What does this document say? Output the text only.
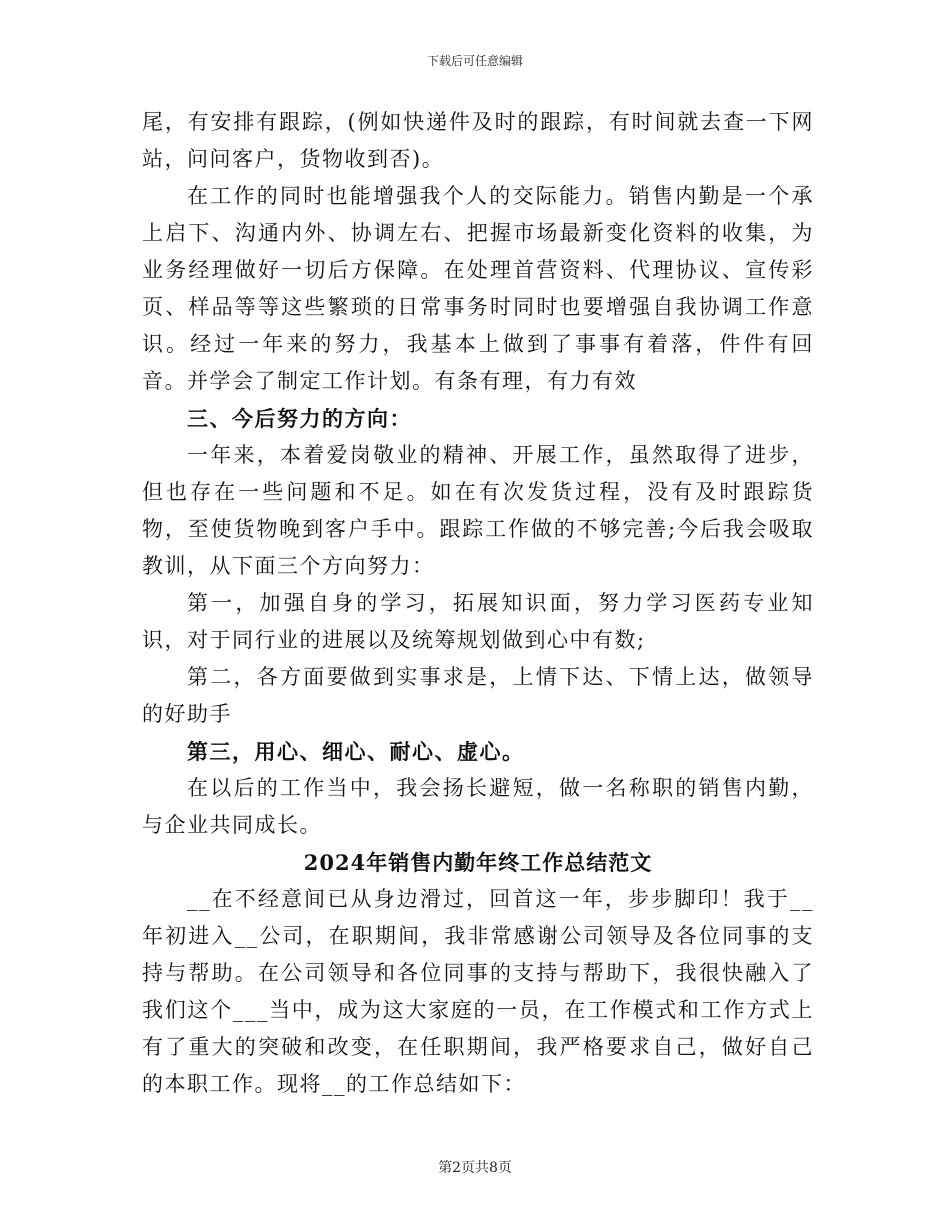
下载后可任意编辑

尾，有安排有跟踪，(例如快递件及时的跟踪，有时间就去查一下网站，问问客户，货物收到否)。

在工作的同时也能增强我个人的交际能力。销售内勤是一个承上启下、沟通内外、协调左右、把握市场最新变化资料的收集，为业务经理做好一切后方保障。在处理首营资料、代理协议、宣传彩页、样品等等这些繁琐的日常事务时同时也要增强自我协调工作意识。经过一年来的努力，我基本上做到了事事有着落，件件有回音。并学会了制定工作计划。有条有理，有力有效

三、今后努力的方向：

一年来，本着爱岗敬业的精神、开展工作，虽然取得了进步，但也存在一些问题和不足。如在有次发货过程，没有及时跟踪货物，至使货物晚到客户手中。跟踪工作做的不够完善;今后我会吸取教训，从下面三个方向努力：

第一，加强自身的学习，拓展知识面，努力学习医药专业知识，对于同行业的进展以及统筹规划做到心中有数;

第二，各方面要做到实事求是，上情下达、下情上达，做领导的好助手

第三，用心、细心、耐心、虚心。

在以后的工作当中，我会扬长避短，做一名称职的销售内勤，与企业共同成长。

2024年销售内勤年终工作总结范文

__在不经意间已从身边滑过，回首这一年，步步脚印！我于__年初进入__公司，在职期间，我非常感谢公司领导及各位同事的支持与帮助。在公司领导和各位同事的支持与帮助下，我很快融入了我们这个___当中，成为这大家庭的一员，在工作模式和工作方式上有了重大的突破和改变，在任职期间，我严格要求自己，做好自己的本职工作。现将__的工作总结如下：

第2页共8页
